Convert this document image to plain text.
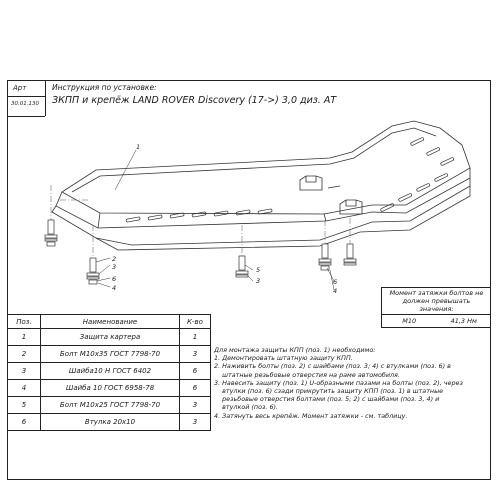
Арт
30.01.130
Инструкция по установке:
ЗКПП и крепёж LAND ROVER Discovery (17->) 3,0 диз. АТ
1
2
3
6
4
5
3	6
4	Момент затяжки болтов не
должен превышать
значения:
М10	41,3 Нм
Поз.	Наименование	К-во
1	Защита картера	1
2	Болт М10х35 ГОСТ 7798-70	3
3	Шайба10 Н ГОСТ 6402	6
4	Шайба 10 ГОСТ 6958-78	6
5	Болт М10х25 ГОСТ 7798-70	3
6	Втулка 20х10	3
Для монтажа защиты КПП (поз. 1) необходимо:
1. Демонтировать штатную защиту КПП.
2. Наживить болты (поз. 2) с шайбами (поз. 3; 4) с втулками (поз. 6) в
штатные резьбовые отверстия на раме автомобиля.
3. Навесить защиту (поз. 1) U-образными пазами на болты (поз. 2), через
втулки (поз. 6) сзади прикрутить защиту КПП (поз. 1) в штатные
резьбовые отверстия болтами (поз. 5; 2) с шайбами (поз. 3, 4) и
втулкой (поз. 6).
4. Затянуть весь крепёж. Момент затяжки - см. таблицу.
